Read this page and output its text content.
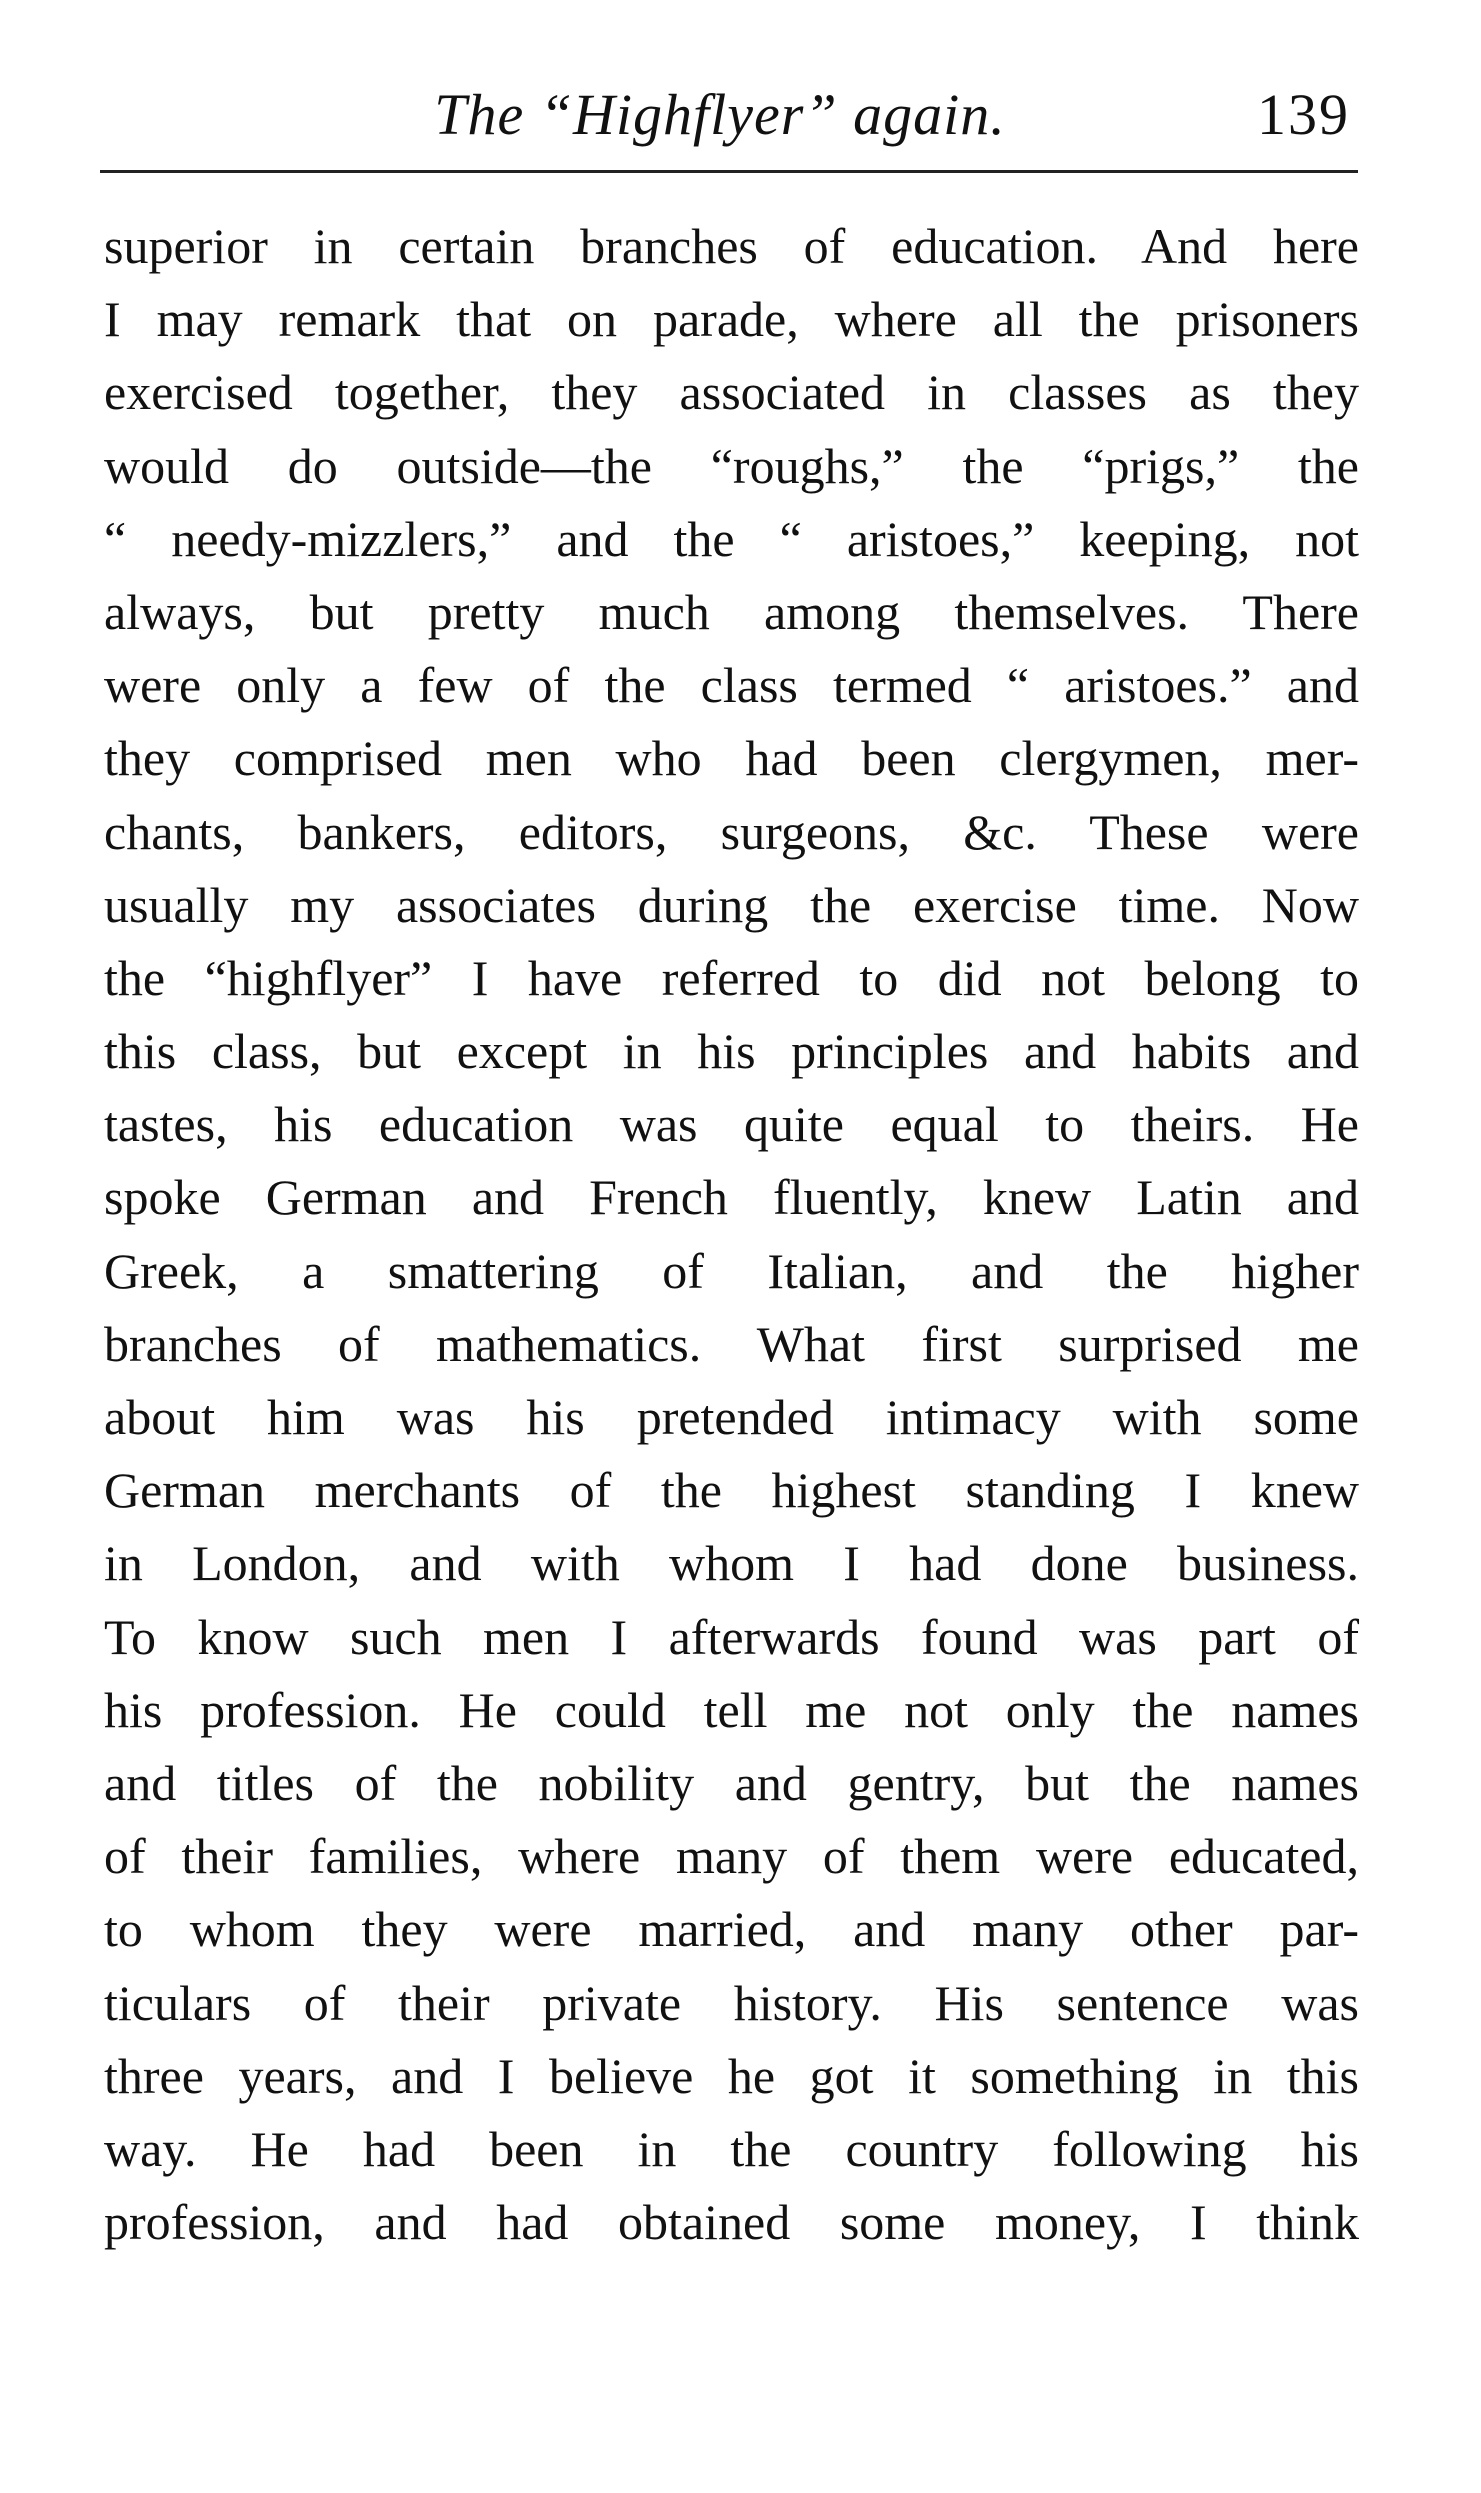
The “Highflyer” again.	139
superior in certain branches of education. And here
I may remark that on parade, where all the prisoners
exercised together, they associated in classes as they
would do outside—the “roughs,” the “prigs,” the
“ needy-mizzlers,” and the “ aristoes,” keeping, not
always, but pretty much among themselves. There
were only a few of the class termed “ aristoes.” and
they comprised men who had been clergymen, mer-
chants, bankers, editors, surgeons, &c. These were
usually my associates during the exercise time. Now
the “highflyer” I have referred to did not belong to
this class, but except in his principles and habits and
tastes, his education was quite equal to theirs. He
spoke German and French fluently, knew Latin and
Greek, a smattering of Italian, and the higher
branches of mathematics. What first surprised me
about him was his pretended intimacy with some
German merchants of the highest standing I knew
in London, and with whom I had done business.
To know such men I afterwards found was part of
his profession. He could tell me not only the names
and titles of the nobility and gentry, but the names
of their families, where many of them were educated,
to whom they were married, and many other par-
ticulars of their private history. His sentence was
three years, and I believe he got it something in this
way. He had been in the country following his
profession, and had obtained some money, I think
